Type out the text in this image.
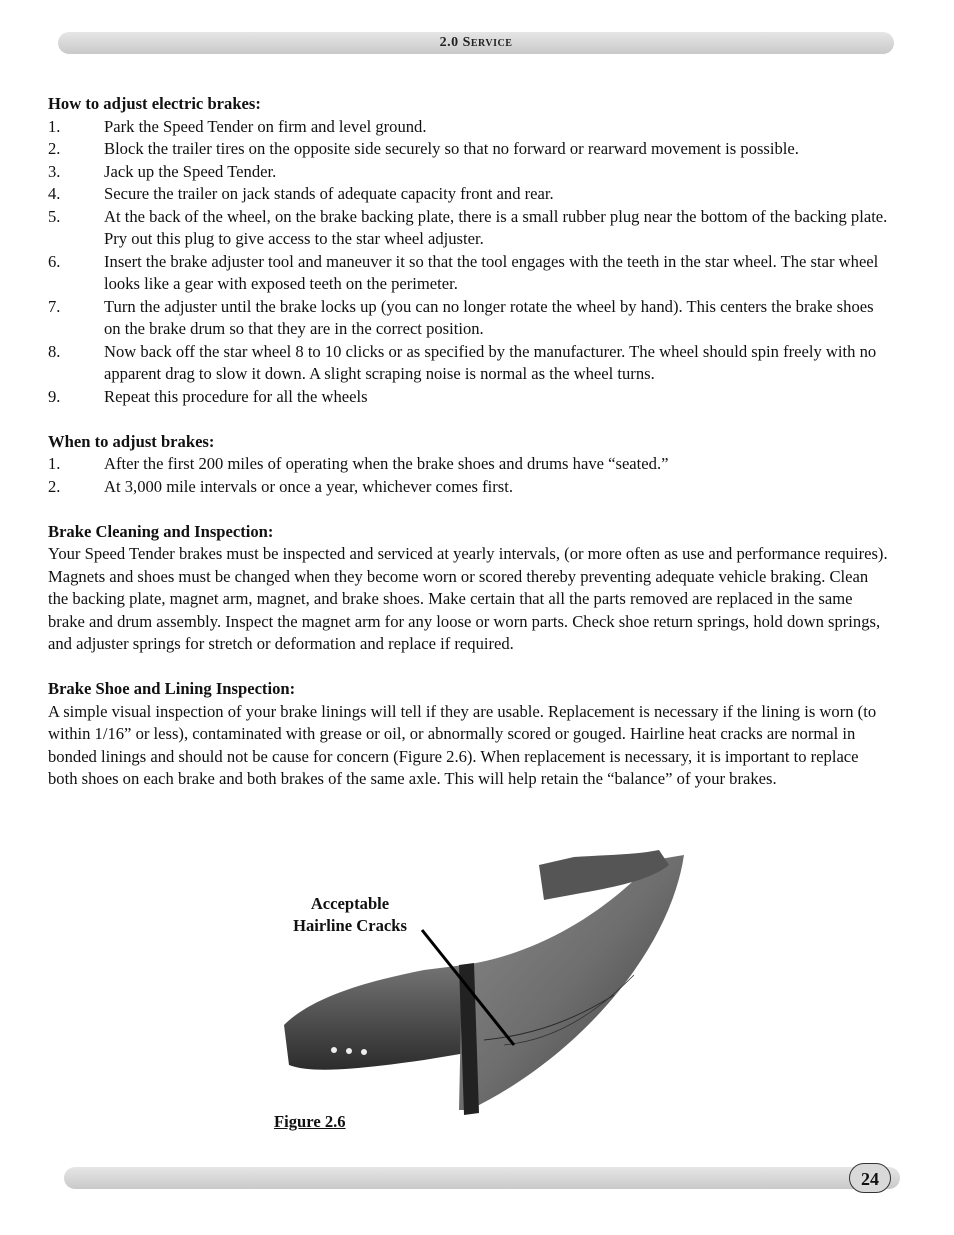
2.0 Service

How to adjust electric brakes:

1.	Park the Speed Tender on firm and level ground.
2.	Block the trailer tires on the opposite side securely so that no forward or rearward movement is possible.
3.	Jack up the Speed Tender.
4.	Secure the trailer on jack stands of adequate capacity front and rear.
5.	At the back of the wheel, on the brake backing plate, there is a small rubber plug near the bottom of the backing plate. Pry out this plug to give access to the star wheel adjuster.
6.	Insert the brake adjuster tool and maneuver it so that the tool engages with the teeth in the star wheel. The star wheel looks like a gear with exposed teeth on the perimeter.
7.	Turn the adjuster until the brake locks up (you can no longer rotate the wheel by hand). This centers the brake shoes on the brake drum so that they are in the correct position.
8.	Now back off the star wheel 8 to 10 clicks or as specified by the manufacturer. The wheel should spin freely with no apparent drag to slow it down. A slight scraping noise is normal as the wheel turns.
9.	Repeat this procedure for all the wheels

When to adjust brakes:

1.	After the first 200 miles of operating when the brake shoes and drums have “seated.”
2.	At 3,000 mile intervals or once a year, whichever comes first.

Brake Cleaning and Inspection:

Your Speed Tender brakes must be inspected and serviced at yearly intervals, (or more often as use and performance requires). Magnets and shoes must be changed when they become worn or scored thereby preventing adequate vehicle braking. Clean the backing plate, magnet arm, magnet, and brake shoes. Make certain that all the parts removed are replaced in the same brake and drum assembly. Inspect the magnet arm for any loose or worn parts. Check shoe return springs, hold down springs, and adjuster springs for stretch or deformation and replace if required.

Brake Shoe and Lining Inspection:

A simple visual inspection of your brake linings will tell if they are usable. Replacement is necessary if the lining is worn (to within 1/16” or less), contaminated with grease or oil, or abnormally scored or gouged. Hairline heat cracks are normal in bonded linings and should not be cause for concern (Figure 2.6). When replacement is necessary, it is important to replace both shoes on each brake and both brakes of the same axle. This will help retain the “balance” of your brakes.

Acceptable
Hairline Cracks
Figure 2.6
24
